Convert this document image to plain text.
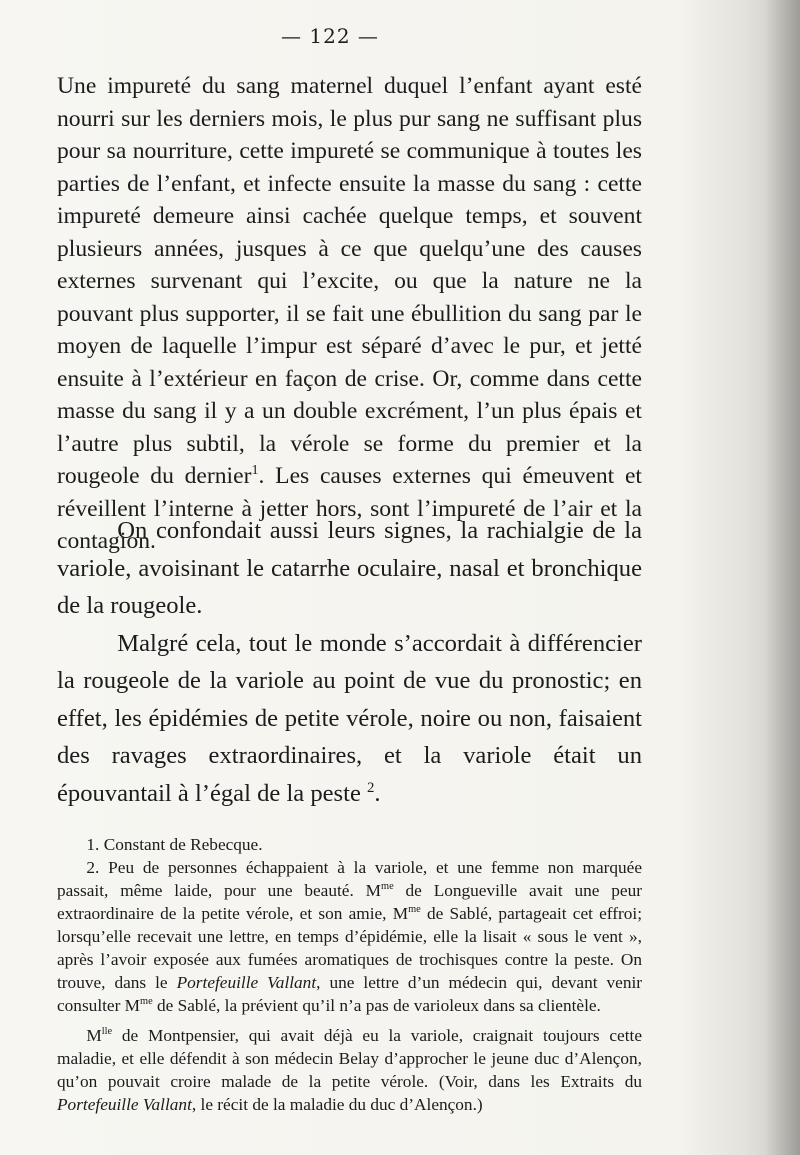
— 122 —
Une impureté du sang maternel duquel l’enfant ayant esté nourri sur les derniers mois, le plus pur sang ne suffisant plus pour sa nourriture, cette impureté se communique à toutes les parties de l’enfant, et infecte ensuite la masse du sang : cette impureté demeure ainsi cachée quelque temps, et souvent plusieurs années, jusques à ce que quelqu’une des causes externes survenant qui l’excite, ou que la nature ne la pouvant plus supporter, il se fait une ébullition du sang par le moyen de laquelle l’impur est séparé d’avec le pur, et jetté ensuite à l’extérieur en façon de crise. Or, comme dans cette masse du sang il y a un double excrément, l’un plus épais et l’autre plus subtil, la vérole se forme du premier et la rougeole du dernier$^1$. Les causes externes qui émeuvent et réveillent l’interne à jetter hors, sont l’impureté de l’air et la contagion.

On confondait aussi leurs signes, la rachialgie de la variole, avoisinant le catarrhe oculaire, nasal et bronchique de la rougeole.

Malgré cela, tout le monde s’accordait à différencier la rougeole de la variole au point de vue du pronostic; en effet, les épidémies de petite vérole, noire ou non, faisaient des ravages extraordinaires, et la variole était un épouvantail à l’égal de la peste $^2$.

1. Constant de Rebecque.

2. Peu de personnes échappaient à la variole, et une femme non marquée passait, même laide, pour une beauté. $M^{me}$ de Longueville avait une peur extraordinaire de la petite vérole, et son amie, $M^{me}$ de Sablé, partageait cet effroi; lorsqu’elle recevait une lettre, en temps d’épidémie, elle la lisait « sous le vent », après l’avoir exposée aux fumées aromatiques de trochisques contre la peste. On trouve, dans le Portefeuille Vallant, une lettre d’un médecin qui, devant venir consulter $M^{me}$ de Sablé, la prévient qu’il n’a pas de varioleux dans sa clientèle.

$M^{lle}$ de Montpensier, qui avait déjà eu la variole, craignait toujours cette maladie, et elle défendit à son médecin Belay d’approcher le jeune duc d’Alençon, qu’on pouvait croire malade de la petite vérole. (Voir, dans les Extraits du Portefeuille Vallant, le récit de la maladie du duc d’Alençon.)
